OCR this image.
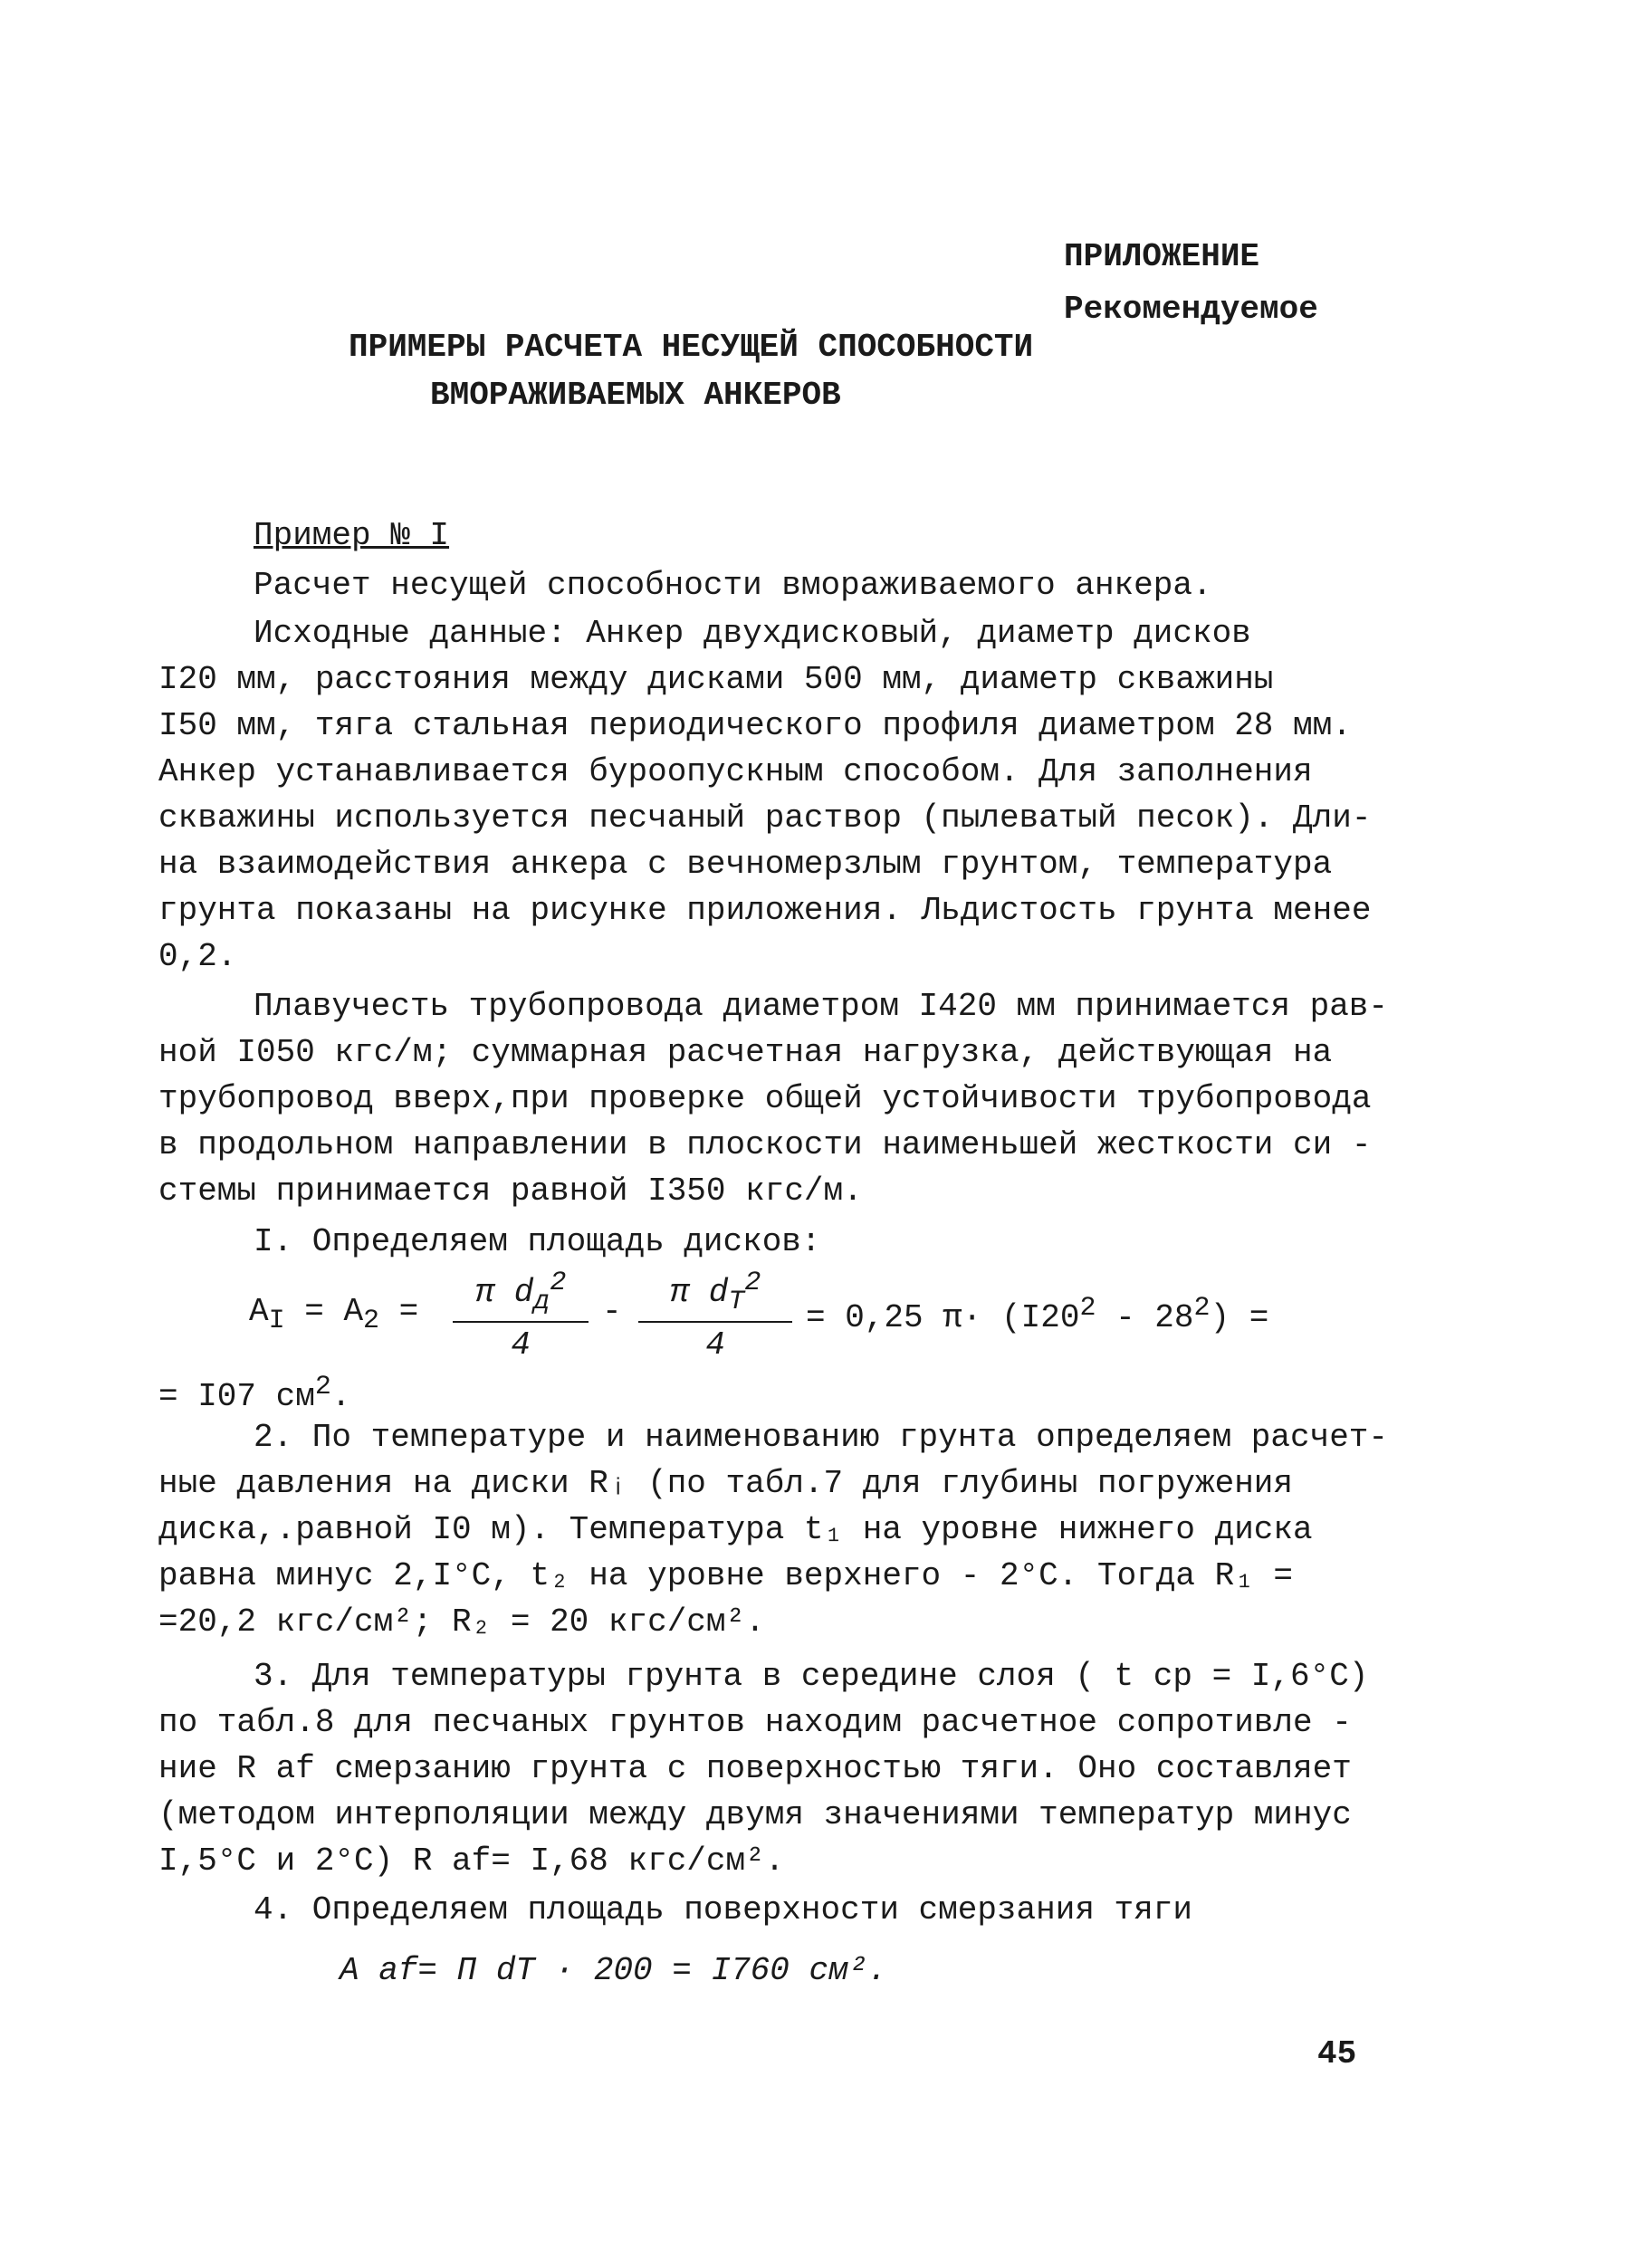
ПРИЛОЖЕНИЕ
Рекомендуемое
ПРИМЕРЫ РАСЧЕТА НЕСУЩЕЙ СПОСОБНОСТИ
ВМОРАЖИВАЕМЫХ АНКЕРОВ
Пример № I
Расчет несущей способности вмораживаемого анкера.
Исходные данные: Анкер двухдисковый, диаметр дисков
I20 мм, расстояния между дисками 500 мм, диаметр скважины
I50 мм, тяга стальная периодического профиля диаметром 28 мм.
Анкер устанавливается буроопускным способом. Для заполнения
скважины используется песчаный раствор (пылеватый песок). Дли-
на взаимодействия анкера с вечномерзлым грунтом, температура
грунта показаны на рисунке приложения. Льдистость грунта менее
0,2.
Плавучесть трубопровода диаметром I420 мм принимается рав-
ной I050 кгс/м; суммарная расчетная нагрузка, действующая на
трубопровод вверх,при проверке общей устойчивости трубопровода
в продольном направлении в плоскости наименьшей жесткости си -
стемы принимается равной I350 кгс/м.
I. Определяем площадь дисков:
$A_I = A_2$ =
π $d_д^2$
4
-
π $d_T^2$
4
= 0,25 $\pi\cdot (I20^2 - 28^2)$ =
= I07 $см^2$.
2. По температуре и наименованию грунта определяем расчет-
ные давления на диски Rᵢ (по табл.7 для глубины погружения
диска,.равной I0 м). Температура t₁ на уровне нижнего диска
равна минус 2,I°С, t₂ на уровне верхнего - 2°С. Тогда R₁ =
=20,2 кгс/см²; R₂ = 20 кгс/см².
3. Для температуры грунта в середине слоя ( t ср = I,6°С)
по табл.8 для песчаных грунтов находим расчетное сопротивле -
ние R af смерзанию грунта с поверхностью тяги. Оно составляет
(методом интерполяции между двумя значениями температур минус
I,5°С и 2°С) R af= I,68 кгс/см².
4. Определяем площадь поверхности смерзания тяги
A af= П dT · 200 = I760 см².
45
